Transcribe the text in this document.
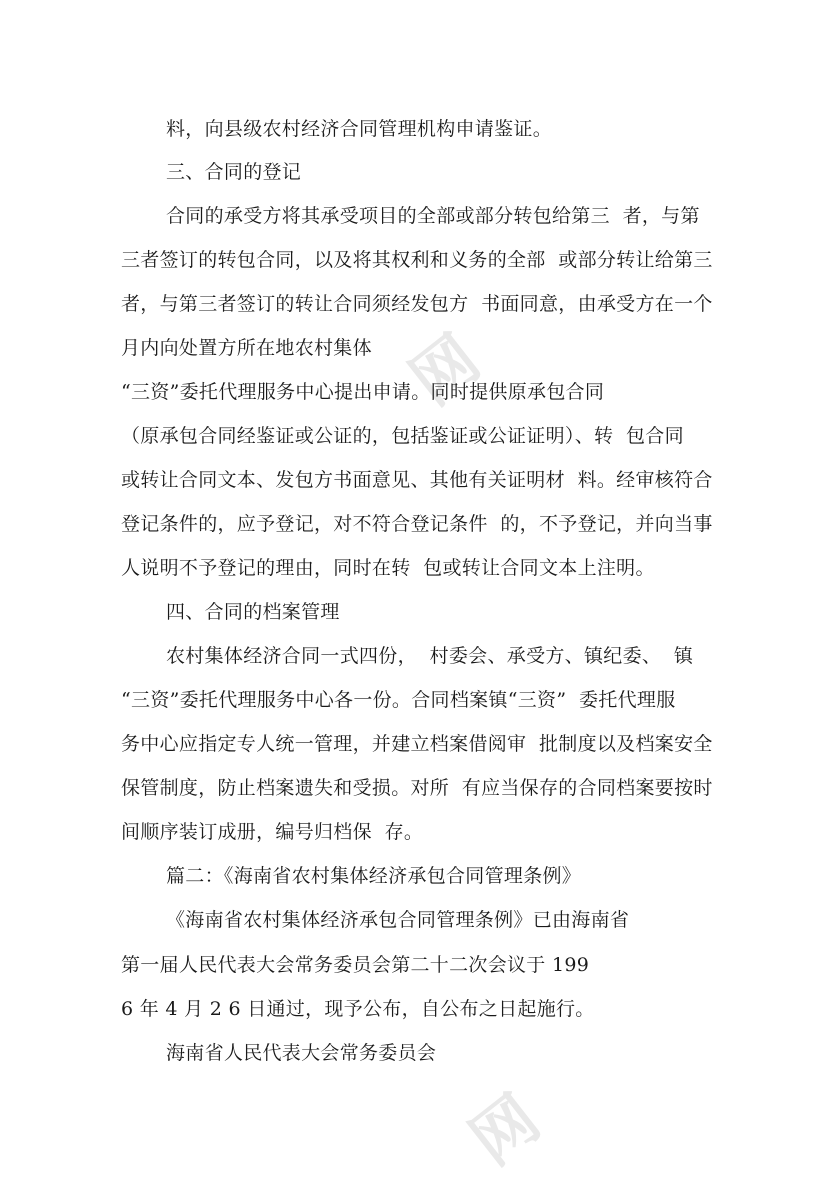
网
网
料，向县级农村经济合同管理机构申请鉴证。
三、合同的登记
合同的承受方将其承受项目的全部或部分转包给第三  者，与第
三者签订的转包合同，以及将其权利和义务的全部  或部分转让给第三
者，与第三者签订的转让合同须经发包方  书面同意，由承受方在一个
月内向处置方所在地农村集体
“三资”委托代理服务中心提出申请。同时提供原承包合同
（原承包合同经鉴证或公证的，包括鉴证或公证证明）、转  包合同
或转让合同文本、发包方书面意见、其他有关证明材  料。经审核符合
登记条件的，应予登记，对不符合登记条件  的，不予登记，并向当事
人说明不予登记的理由，同时在转  包或转让合同文本上注明。
四、合同的档案管理
农村集体经济合同一式四份，  村委会、承受方、镇纪委、  镇
“三资”委托代理服务中心各一份。合同档案镇“三资”  委托代理服
务中心应指定专人统一管理，并建立档案借阅审  批制度以及档案安全
保管制度，防止档案遗失和受损。对所  有应当保存的合同档案要按时
间顺序装订成册，编号归档保  存。
篇二：《海南省农村集体经济承包合同管理条例》
《海南省农村集体经济承包合同管理条例》已由海南省
第一届人民代表大会常务委员会第二十二次会议于 199
6 年 4 月 2 6 日通过，现予公布，自公布之日起施行。
海南省人民代表大会常务委员会
